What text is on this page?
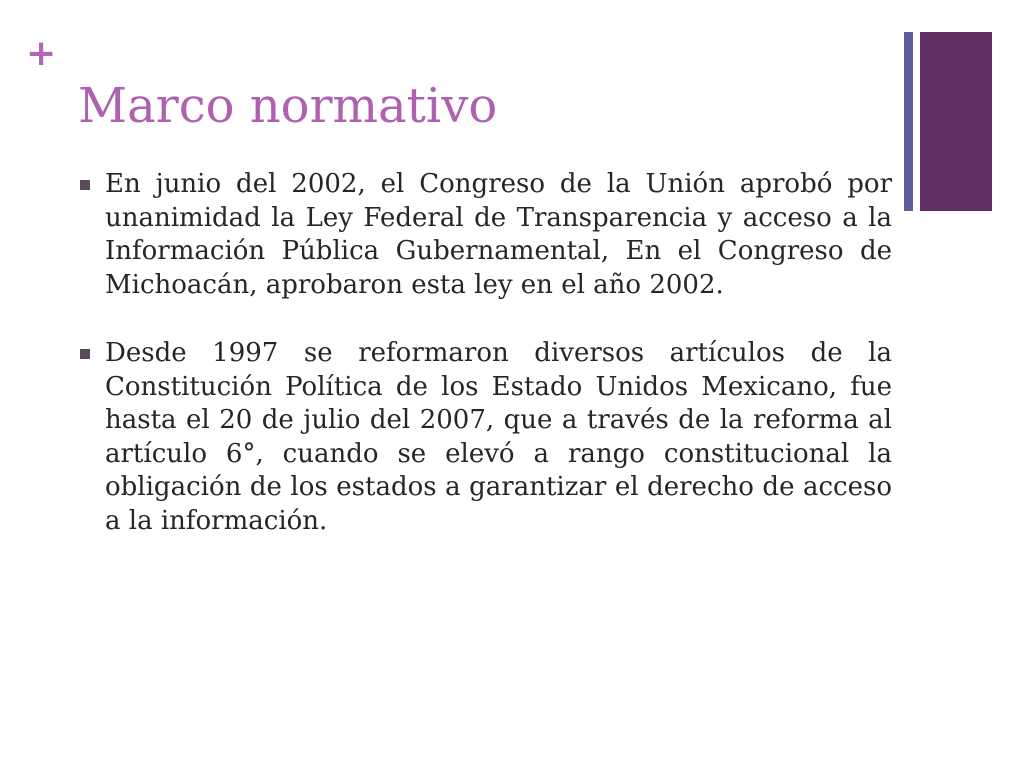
+
Marco normativo
En junio del 2002, el Congreso de la Unión aprobó por unanimidad la Ley Federal de Transparencia y acceso a la Información Pública Gubernamental, En el Congreso de Michoacán, aprobaron esta ley en el año 2002.
Desde 1997 se reformaron diversos artículos de la Constitución Política de los Estado Unidos Mexicano, fue hasta el 20 de julio del 2007, que a través de la reforma al artículo 6°, cuando se elevó a rango constitucional la obligación de los estados a garantizar el derecho de acceso a la información.
